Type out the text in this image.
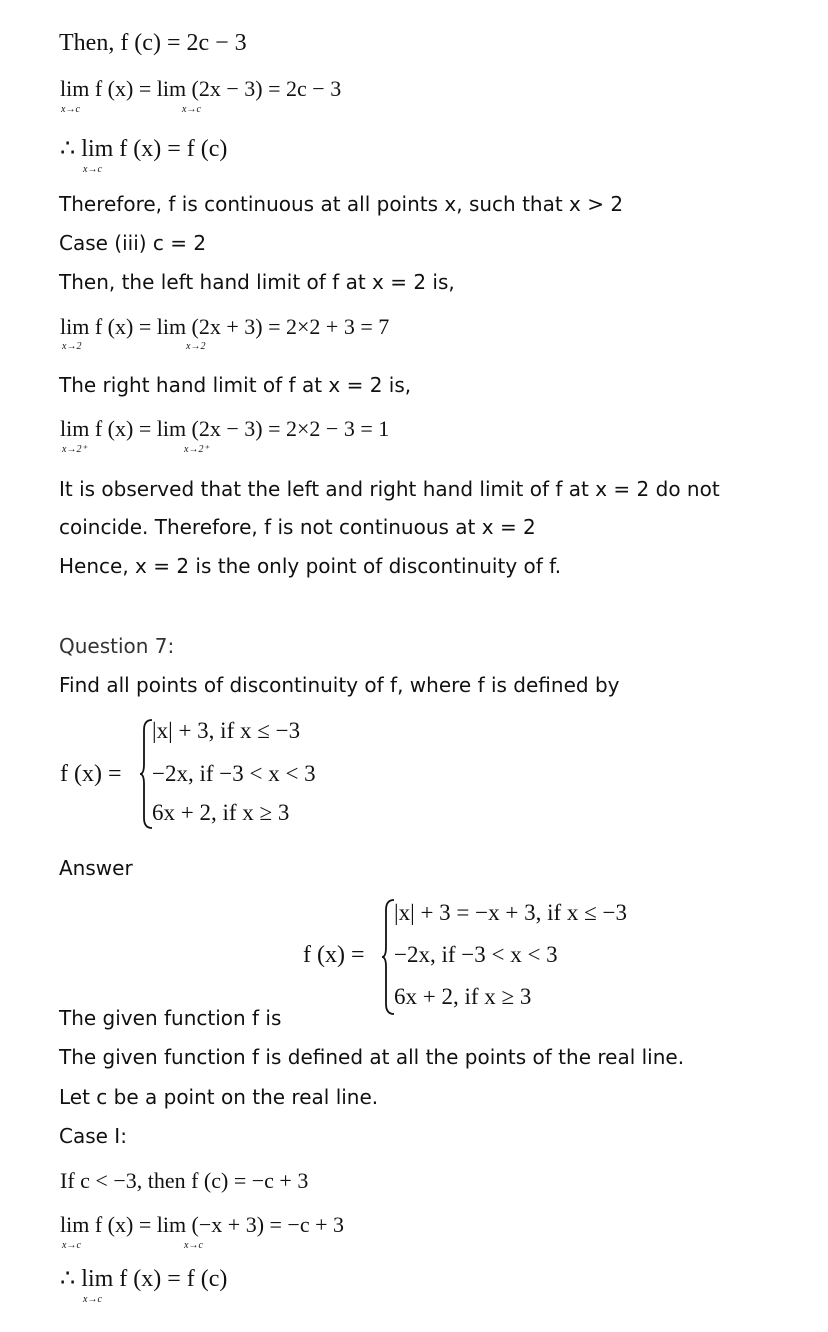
Then, f (c) = 2c − 3
lim f (x) = lim (2x − 3) = 2c − 3
x→c	x→c
∴ lim f (x) = f (c)
x→c
Therefore, f is continuous at all points x, such that x > 2
Case (iii) c = 2
Then, the left hand limit of f at x = 2 is,
lim f (x) = lim (2x + 3) = 2×2 + 3 = 7
x→2	x→2
The right hand limit of f at x = 2 is,
lim f (x) = lim (2x − 3) = 2×2 − 3 = 1
x→2⁺	x→2⁺
It is observed that the left and right hand limit of f at x = 2 do not
coincide. Therefore, f is not continuous at x = 2
Hence, x = 2 is the only point of discontinuity of f.
Question 7:
Find all points of discontinuity of f, where f is defined by
f (x) =
|x| + 3, if x ≤ −3
−2x, if −3 < x < 3
6x + 2, if x ≥ 3
Answer
f (x) =
|x| + 3 = −x + 3, if x ≤ −3
−2x, if −3 < x < 3
6x + 2, if x ≥ 3
The given function f is
The given function f is defined at all the points of the real line.
Let c be a point on the real line.
Case I:
If c < −3, then f (c) = −c + 3
lim f (x) = lim (−x + 3) = −c + 3
x→c	x→c
∴ lim f (x) = f (c)
x→c
